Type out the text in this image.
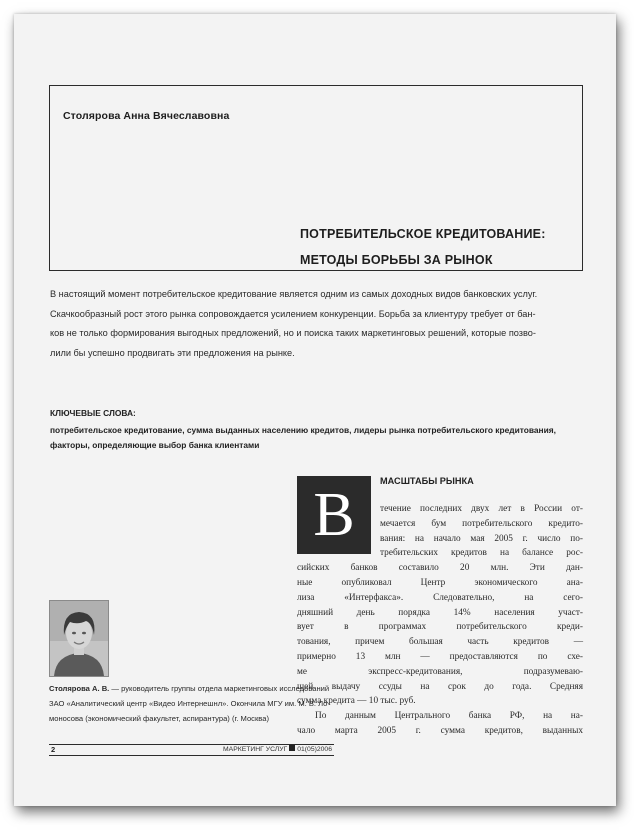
Столярова Анна Вячеславовна
ПОТРЕБИТЕЛЬСКОЕ КРЕДИТОВАНИЕ:
МЕТОДЫ БОРЬБЫ ЗА РЫНОК
В настоящий момент потребительское кредитование является одним из самых доходных видов банковских услуг.
Скачкообразный рост этого рынка сопровождается усилением конкуренции. Борьба за клиентуру требует от бан-
ков не только формирования выгодных предложений, но и поиска таких маркетинговых решений, которые позво-
лили бы успешно продвигать эти предложения на рынке.
КЛЮЧЕВЫЕ СЛОВА:
потребительское кредитование, сумма выданных населению кредитов, лидеры рынка потребительского кредитования,
факторы, определяющие выбор банка клиентами
В	МАСШТАБЫ РЫНКА
течение последних двух лет в России от-
мечается бум потребительского кредито-
вания: на начало мая 2005 г. число по-
требительских кредитов на балансе рос-
сийских банков составило 20 млн. Эти дан-
ные опубликовал Центр экономического ана-
лиза «Интерфакса». Следовательно, на сего-
дняшний день порядка 14% населения участ-
вует в программах потребительского креди-
тования, причем большая часть кредитов —
примерно 13 млн — предоставляются по схе-
ме экспресс-кредитования, подразумеваю-
щей выдачу ссуды на срок до года. Средняя
сумма кредита — 10 тыс. руб.
По данным Центрального банка РФ, на на-
чало марта 2005 г. сумма кредитов, выданных
Столярова А. В. — руководитель группы отдела маркетинговых исследований
ЗАО «Аналитический центр «Видео Интернешнл». Окончила МГУ им. М. В. Ло-
моносова (экономический факультет, аспирантура) (г. Москва)
2	МАРКЕТИНГ УСЛУГ 01(05)2006
